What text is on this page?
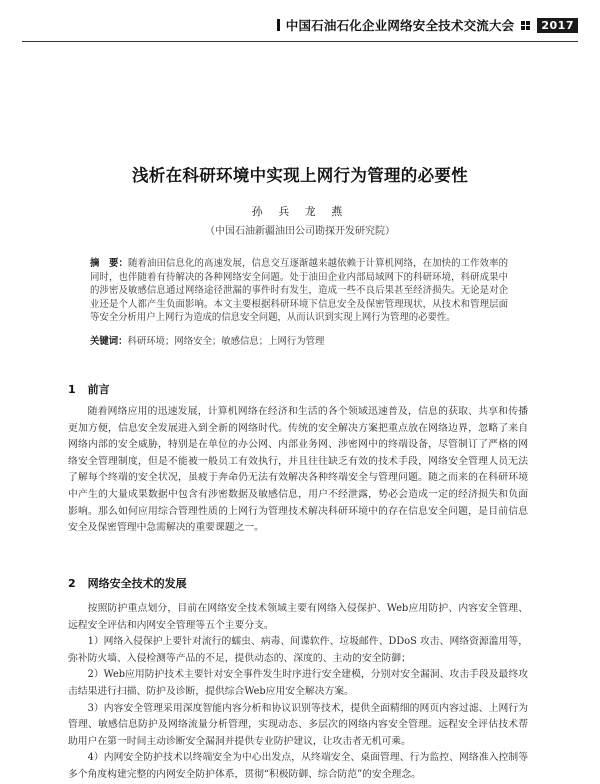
中国石油石化企业网络安全技术交流大会	2017
浅析在科研环境中实现上网行为管理的必要性
孙 兵 龙 燕
（中国石油新疆油田公司勘探开发研究院）
摘　要：随着油田信息化的高速发展，信息交互逐渐越来越依赖于计算机网络，在加快的工作效率的同时，也伴随着有待解决的各种网络安全问题。处于油田企业内部局域网下的科研环境，科研成果中的涉密及敏感信息通过网络途径泄漏的事件时有发生，造成一些不良后果甚至经济损失。无论是对企业还是个人都产生负面影响。本文主要根据科研环境下信息安全及保密管理现状，从技术和管理层面等安全分析用户上网行为造成的信息安全问题，从而认识到实现上网行为管理的必要性。
关键词：科研环境；网络安全；敏感信息；上网行为管理
1 前言

随着网络应用的迅速发展，计算机网络在经济和生活的各个领域迅速普及，信息的获取、共享和传播更加方便，信息安全发展进入到全新的网络时代。传统的安全解决方案把重点放在网络边界，忽略了来自网络内部的安全威胁，特别是在单位的办公网、内部业务网、涉密网中的终端设备，尽管制订了严格的网络安全管理制度，但是不能被一般员工有效执行，并且往往缺乏有效的技术手段，网络安全管理人员无法了解每个终端的安全状况，虽疲于奔命仍无法有效解决各种终端安全与管理问题。随之而来的在科研环境中产生的大量成果数据中包含有涉密数据及敏感信息，用户不经泄露，势必会造成一定的经济损失和负面影响。那么如何应用综合管理性质的上网行为管理技术解决科研环境中的存在信息安全问题，是目前信息安全及保密管理中急需解决的重要课题之一。

2 网络安全技术的发展

按照防护重点划分，目前在网络安全技术领域主要有网络入侵保护、Web应用防护、内容安全管理、远程安全评估和内网安全管理等五个主要分支。

1）网络入侵保护上要针对流行的蠕虫、病毒、间谍软件、垃圾邮件、DDoS 攻击、网络资源滥用等，弥补防火墙、入侵检测等产品的不足，提供动态的、深度的、主动的安全防御；

2）Web应用防护技术主要针对安全事件发生时序进行安全建模，分别对安全漏洞、攻击手段及最终攻击结果进行扫描、防护及诊断，提供综合Web应用安全解决方案。

3）内容安全管理采用深度智能内容分析和协议识别等技术，提供全面精细的网页内容过滤、上网行为管理、敏感信息防护及网络流量分析管理，实现动态、多层次的网络内容安全管理。远程安全评估技术帮助用户在第一时间主动诊断安全漏洞并提供专业防护建议，让攻击者无机可乘。

4）内网安全防护技术以终端安全为中心出发点，从终端安全、桌面管理、行为监控、网络准入控制等多个角度构建完整的内网安全防护体系，贯彻“积极防御、综合防范”的安全理念。
